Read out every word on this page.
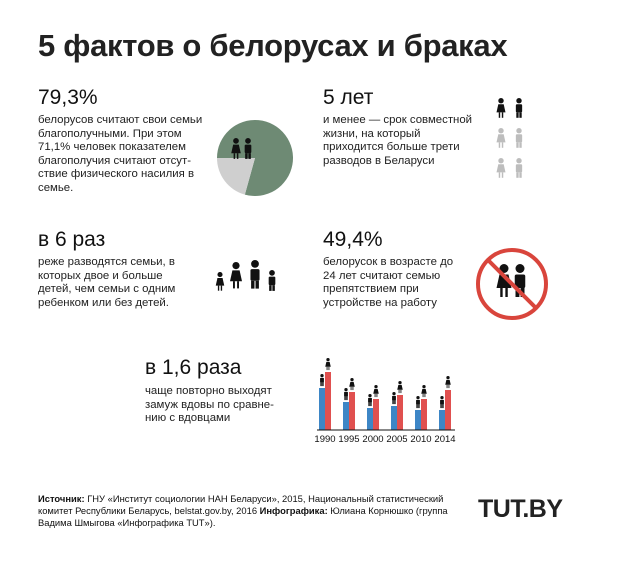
5 фактов о белорусах и браках
79,3%
белорусов считают свои семьи
благополучными. При этом
71,1% человек показателем
благополучия считают отсут-
ствие физического насилия в
семье.
5 лет
и менее — срок совместной
жизни, на который
приходится больше трети
разводов в Беларуси
в 6 раз
реже разводятся семьи, в
которых двое и больше
детей, чем семьи с одним
ребенком или без детей.
49,4%
белорусок в возрасте до
24 лет считают семью
препятствием при
устройстве на работу
в 1,6 раза
чаще повторно выходят
замуж вдовы по сравне-
нию с вдовцами
1990 1995 2000 2005 2010 2014
Источник: ГНУ «Институт социологии НАН Беларуси», 2015, Национальный статистический комитет Республики Беларусь, belstat.gov.by, 2016 Инфографика: Юлиана Корнюшко (группа Вадима Шмыгова «Инфографика TUT»).	TUT.BY
